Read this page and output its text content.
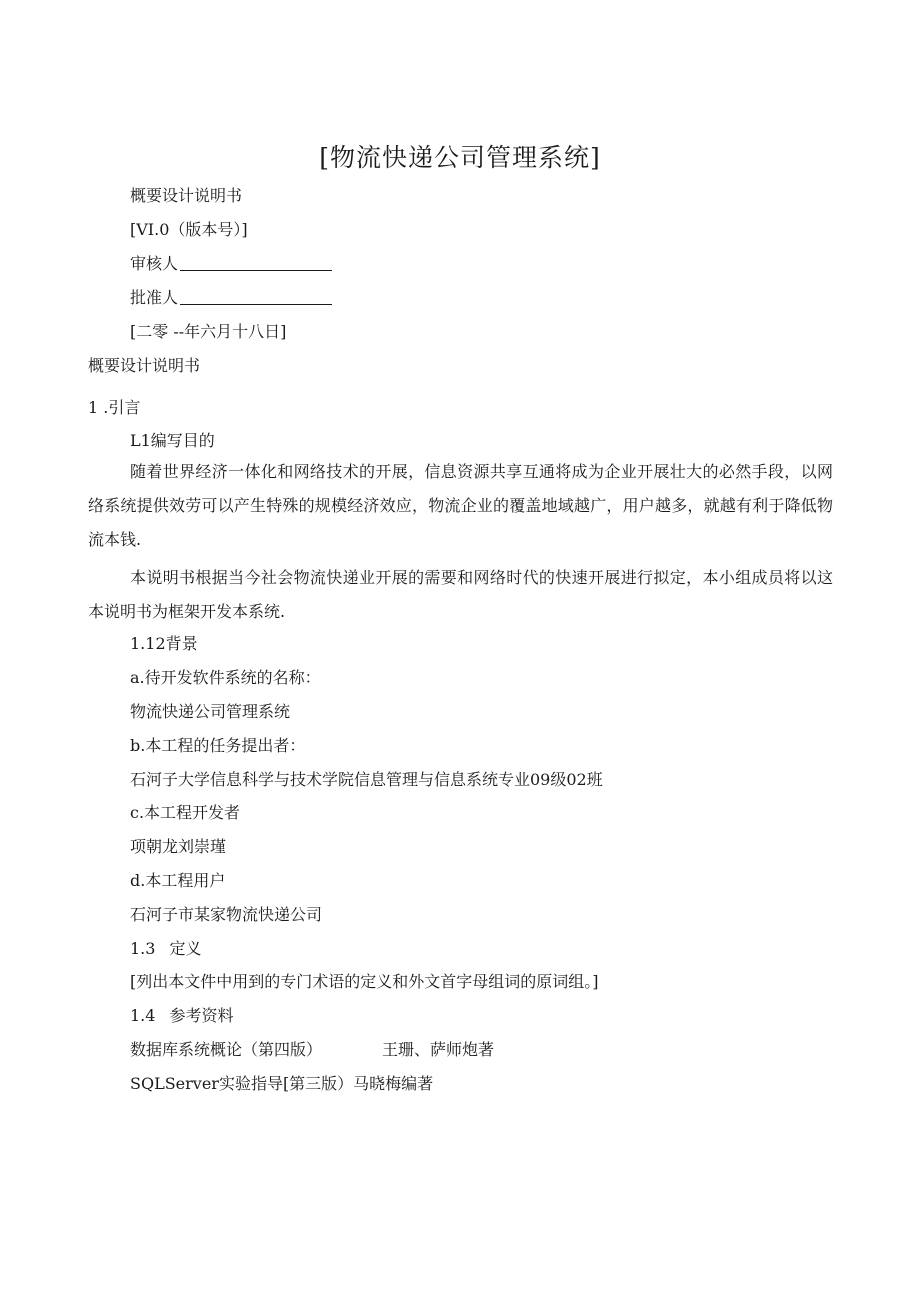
[物流快递公司管理系统]
概要设计说明书
[VI.0（版本号）]
审核人
批准人
[二零 --年六月十八日]
概要设计说明书
1 .引言
L1编写目的
随着世界经济一体化和网络技术的开展，信息资源共享互通将成为企业开展壮大的必然手段，以网络系统提供效劳可以产生特殊的规模经济效应，物流企业的覆盖地域越广，用户越多，就越有利于降低物流本钱.
本说明书根据当今社会物流快递业开展的需要和网络时代的快速开展进行拟定，本小组成员将以这本说明书为框架开发本系统.
1.12背景
a.待开发软件系统的名称：
物流快递公司管理系统
b.本工程的任务提出者：
石河子大学信息科学与技术学院信息管理与信息系统专业09级02班
c.本工程开发者
项朝龙刘崇瑾
d.本工程用户
石河子市某家物流快递公司
1.3 定义
[列出本文件中用到的专门术语的定义和外文首字母组词的原词组。]
1.4 参考资料
数据库系统概论（第四版）	王珊、萨师炮著
SQLServer实验指导[第三版）马晓梅编著
